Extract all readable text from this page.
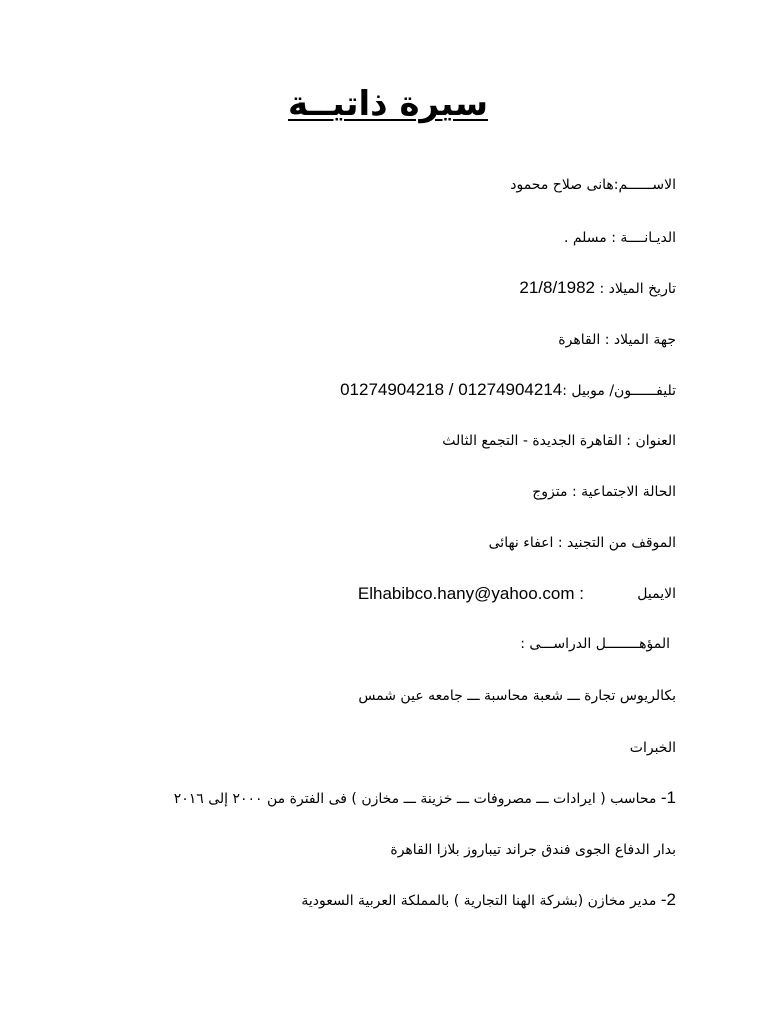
سيرة ذاتيــة
الاســــــم:هانى صلاح محمود
الديـانــــة : مسلم .
تاريخ الميلاد : 21/8/1982
جهة الميلاد : القاهرة
تليفــــــون/ موبيل :01274904218 / 01274904214
العنوان : القاهرة الجديدة - التجمع الثالث
الحالة الاجتماعية : متزوج
الموقف من التجنيد : اعفاء نهائى
الايميل
Elhabibco.hany@yahoo.com :
المؤهــــــــل الدراســـى :
بكالريوس تجارة ـــ شعبة محاسبة ـــ جامعه عين شمس
الخبرات
1- محاسب ( ايرادات ـــ مصروفات ـــ خزينة ـــ مخازن ) فى الفترة من ٢٠٠٠ إلى ٢٠١٦
بدار الدفاع الجوى فندق جراند تيباروز بلازا القاهرة
2- مدير مخازن (بشركة الهنا التجارية ) بالمملكة العربية السعودية
